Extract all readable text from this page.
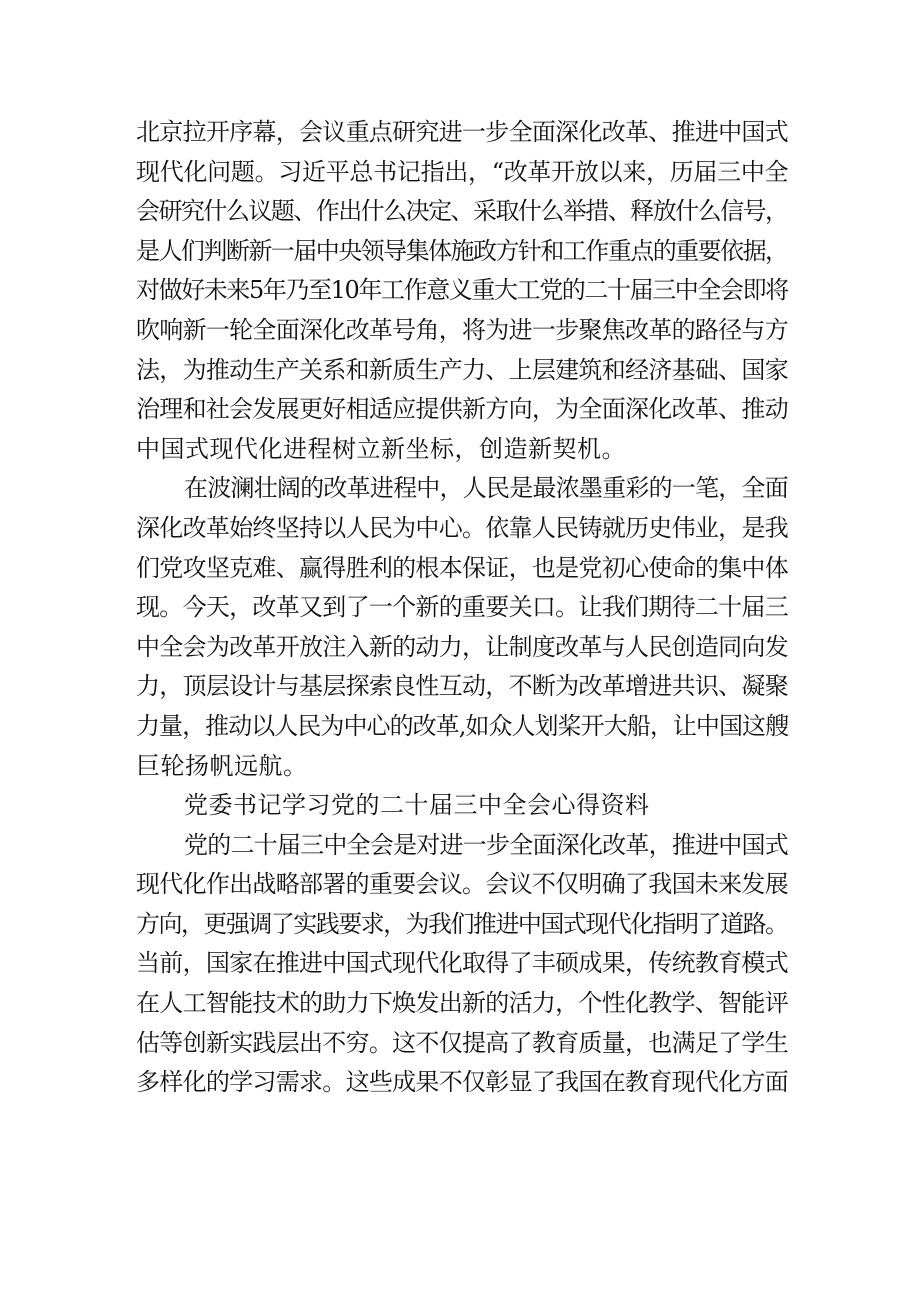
北京拉开序幕，会议重点研究进一步全面深化改革、推进中国式

现代化问题。习近平总书记指出，“改革开放以来，历届三中全

会研究什么议题、作出什么决定、采取什么举措、释放什么信号，

是人们判断新一届中央领导集体施政方针和工作重点的重要依据，

对做好未来5年乃至10年工作意义重大工党的二十届三中全会即将

吹响新一轮全面深化改革号角，将为进一步聚焦改革的路径与方

法，为推动生产关系和新质生产力、上层建筑和经济基础、国家

治理和社会发展更好相适应提供新方向，为全面深化改革、推动

中国式现代化进程树立新坐标，创造新契机。

在波澜壮阔的改革进程中，人民是最浓墨重彩的一笔，全面

深化改革始终坚持以人民为中心。依靠人民铸就历史伟业，是我

们党攻坚克难、赢得胜利的根本保证，也是党初心使命的集中体

现。今天，改革又到了一个新的重要关口。让我们期待二十届三

中全会为改革开放注入新的动力，让制度改革与人民创造同向发

力，顶层设计与基层探索良性互动，不断为改革增进共识、凝聚

力量，推动以人民为中心的改革,如众人划桨开大船，让中国这艘

巨轮扬帆远航。

党委书记学习党的二十届三中全会心得资料

党的二十届三中全会是对进一步全面深化改革，推进中国式

现代化作出战略部署的重要会议。会议不仅明确了我国未来发展

方向，更强调了实践要求，为我们推进中国式现代化指明了道路。

当前，国家在推进中国式现代化取得了丰硕成果，传统教育模式

在人工智能技术的助力下焕发出新的活力，个性化教学、智能评

估等创新实践层出不穷。这不仅提高了教育质量，也满足了学生

多样化的学习需求。这些成果不仅彰显了我国在教育现代化方面
